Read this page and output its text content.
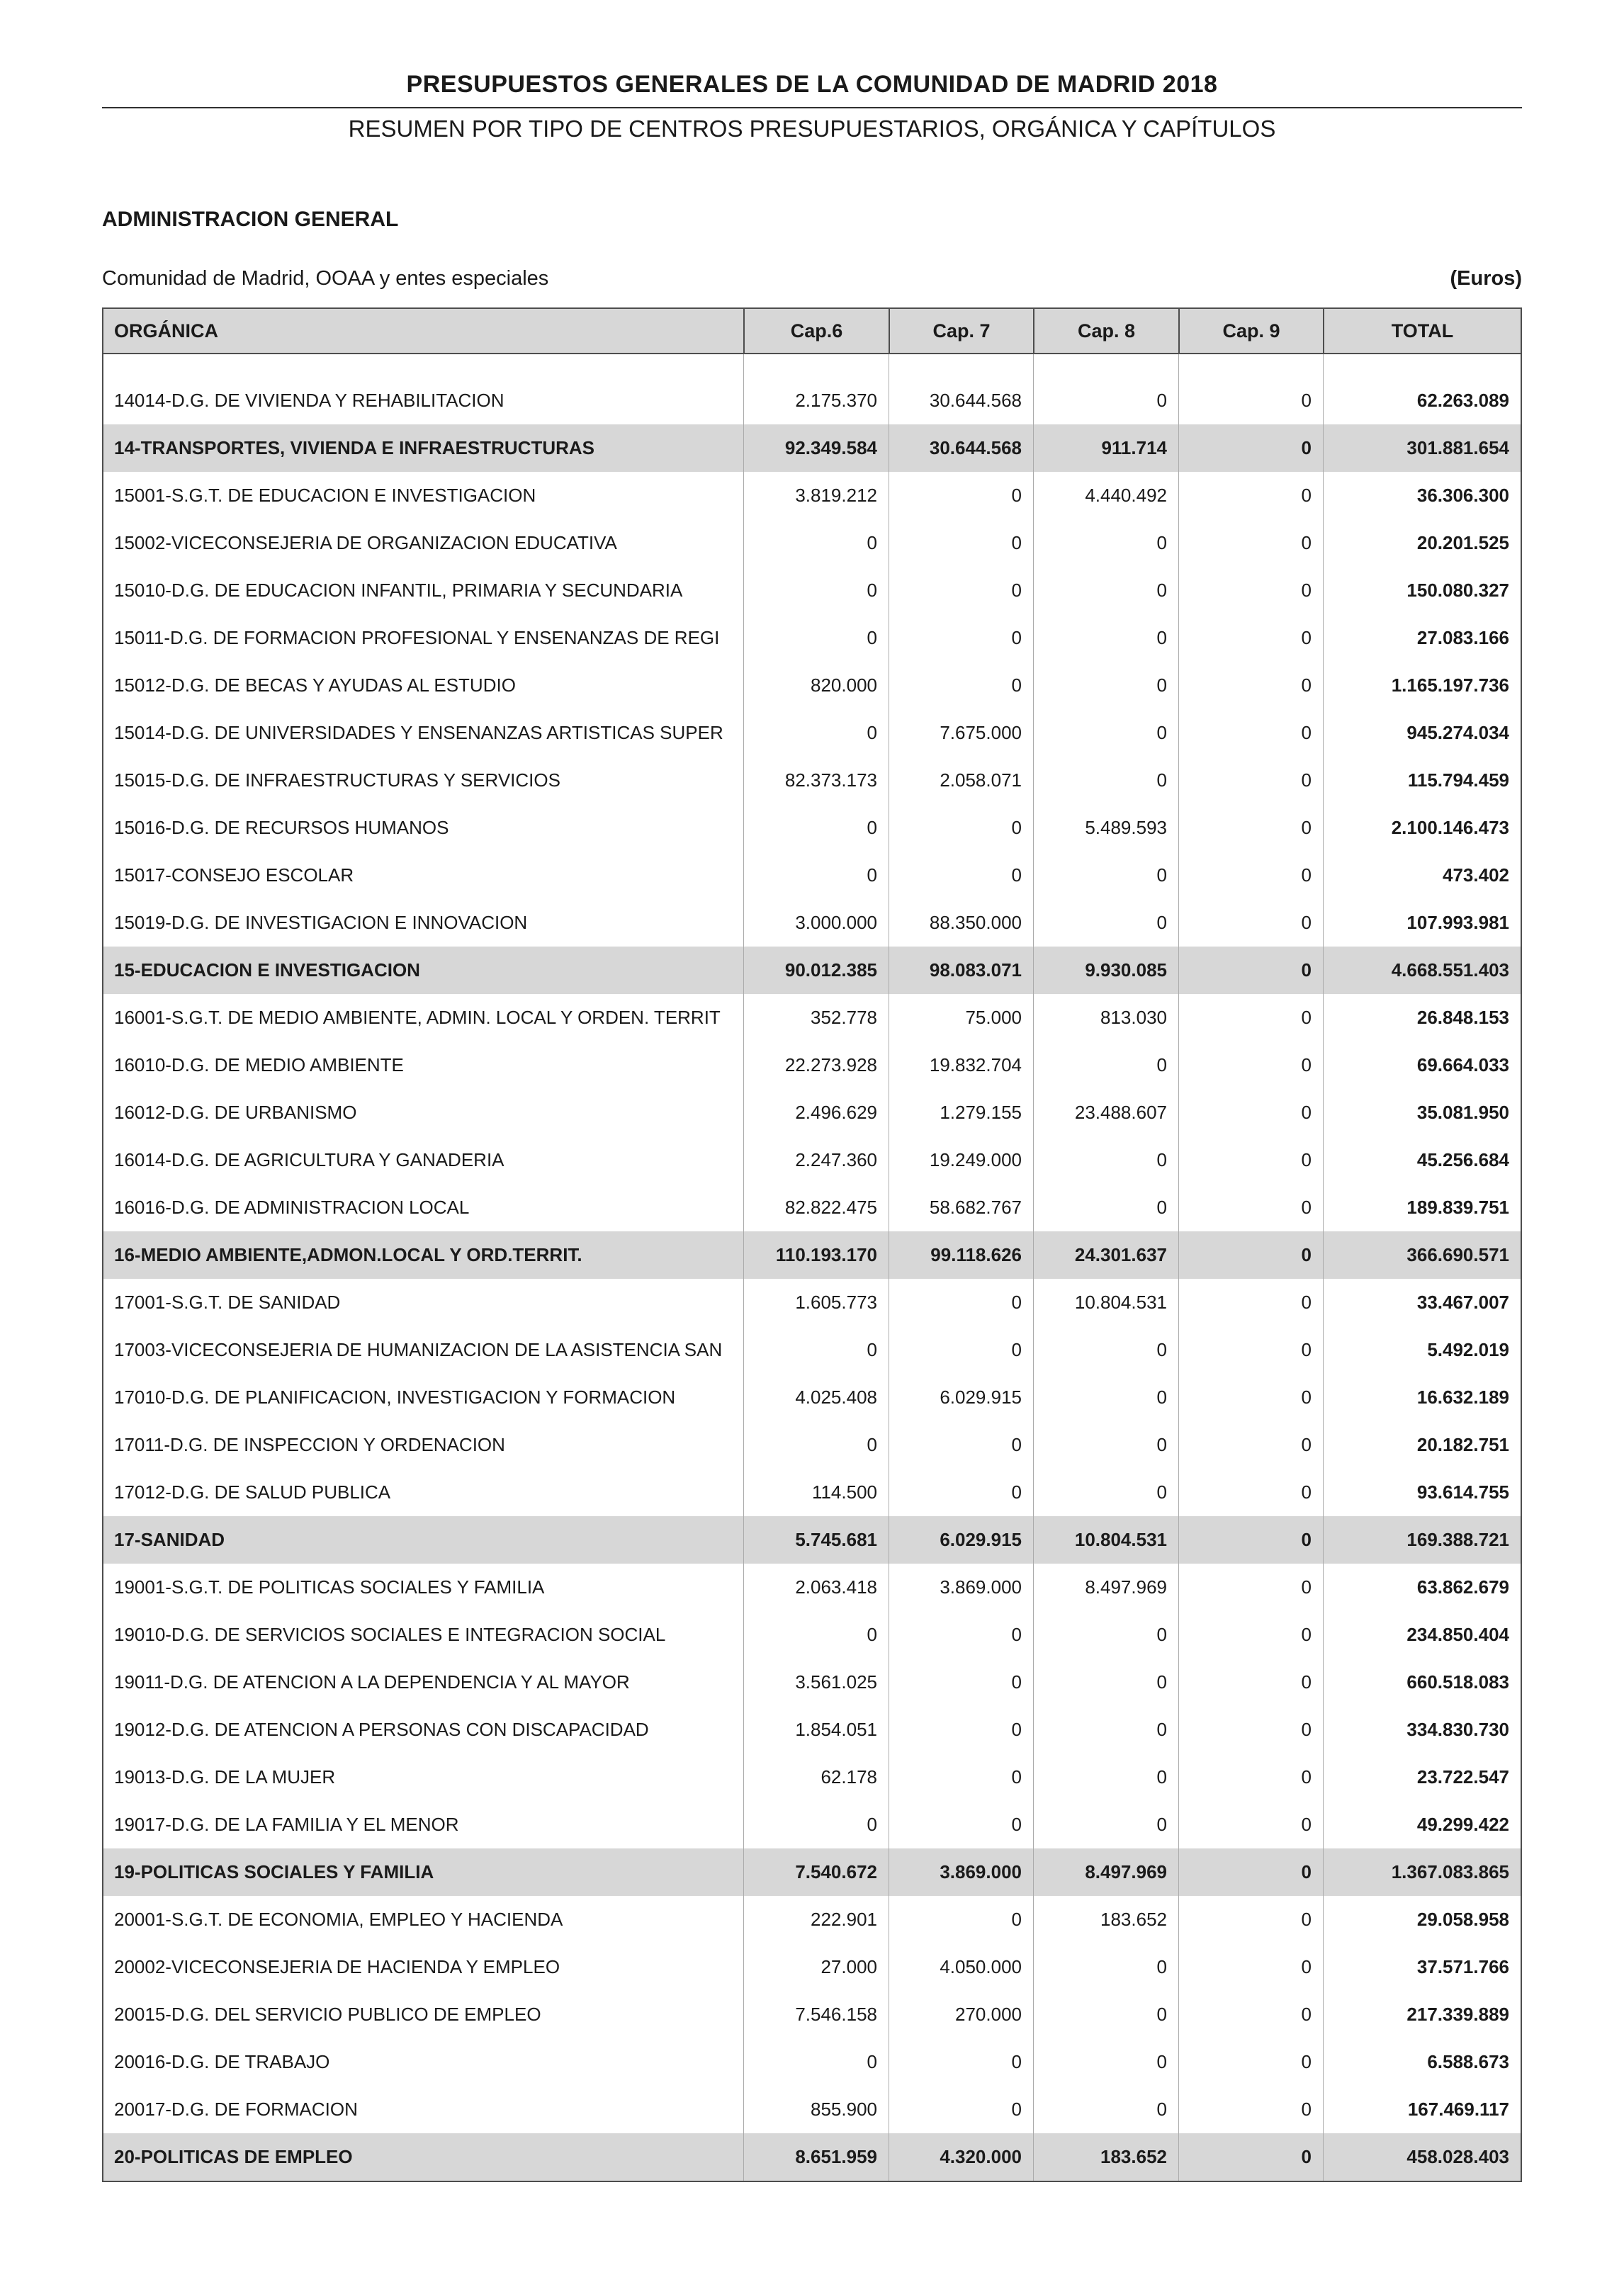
PRESUPUESTOS GENERALES DE LA COMUNIDAD DE MADRID 2018
RESUMEN POR TIPO DE CENTROS PRESUPUESTARIOS, ORGÁNICA Y CAPÍTULOS
ADMINISTRACION GENERAL
Comunidad de Madrid, OOAA y entes especiales	(Euros)
ORGÁNICA	Cap.6	Cap. 7	Cap. 8	Cap. 9	TOTAL
14014-D.G. DE VIVIENDA Y REHABILITACION	2.175.370	30.644.568	0	0	62.263.089
14-TRANSPORTES, VIVIENDA E INFRAESTRUCTURAS	92.349.584	30.644.568	911.714	0	301.881.654
15001-S.G.T. DE EDUCACION E INVESTIGACION	3.819.212	0	4.440.492	0	36.306.300
15002-VICECONSEJERIA DE ORGANIZACION EDUCATIVA	0	0	0	0	20.201.525
15010-D.G. DE EDUCACION INFANTIL, PRIMARIA Y SECUNDARIA	0	0	0	0	150.080.327
15011-D.G. DE FORMACION PROFESIONAL Y ENSENANZAS DE REGI	0	0	0	0	27.083.166
15012-D.G. DE BECAS Y AYUDAS AL ESTUDIO	820.000	0	0	0	1.165.197.736
15014-D.G. DE UNIVERSIDADES Y ENSENANZAS ARTISTICAS SUPER	0	7.675.000	0	0	945.274.034
15015-D.G. DE INFRAESTRUCTURAS Y SERVICIOS	82.373.173	2.058.071	0	0	115.794.459
15016-D.G. DE RECURSOS HUMANOS	0	0	5.489.593	0	2.100.146.473
15017-CONSEJO ESCOLAR	0	0	0	0	473.402
15019-D.G. DE INVESTIGACION E INNOVACION	3.000.000	88.350.000	0	0	107.993.981
15-EDUCACION E INVESTIGACION	90.012.385	98.083.071	9.930.085	0	4.668.551.403
16001-S.G.T. DE MEDIO AMBIENTE, ADMIN. LOCAL Y ORDEN. TERRIT	352.778	75.000	813.030	0	26.848.153
16010-D.G. DE MEDIO AMBIENTE	22.273.928	19.832.704	0	0	69.664.033
16012-D.G. DE URBANISMO	2.496.629	1.279.155	23.488.607	0	35.081.950
16014-D.G. DE AGRICULTURA Y GANADERIA	2.247.360	19.249.000	0	0	45.256.684
16016-D.G. DE ADMINISTRACION LOCAL	82.822.475	58.682.767	0	0	189.839.751
16-MEDIO AMBIENTE,ADMON.LOCAL Y ORD.TERRIT.	110.193.170	99.118.626	24.301.637	0	366.690.571
17001-S.G.T. DE SANIDAD	1.605.773	0	10.804.531	0	33.467.007
17003-VICECONSEJERIA DE HUMANIZACION DE LA ASISTENCIA SAN	0	0	0	0	5.492.019
17010-D.G. DE PLANIFICACION, INVESTIGACION Y FORMACION	4.025.408	6.029.915	0	0	16.632.189
17011-D.G. DE INSPECCION Y ORDENACION	0	0	0	0	20.182.751
17012-D.G. DE SALUD PUBLICA	114.500	0	0	0	93.614.755
17-SANIDAD	5.745.681	6.029.915	10.804.531	0	169.388.721
19001-S.G.T. DE POLITICAS SOCIALES Y FAMILIA	2.063.418	3.869.000	8.497.969	0	63.862.679
19010-D.G. DE SERVICIOS SOCIALES E INTEGRACION SOCIAL	0	0	0	0	234.850.404
19011-D.G. DE ATENCION A LA DEPENDENCIA Y AL MAYOR	3.561.025	0	0	0	660.518.083
19012-D.G. DE ATENCION A PERSONAS CON DISCAPACIDAD	1.854.051	0	0	0	334.830.730
19013-D.G. DE LA MUJER	62.178	0	0	0	23.722.547
19017-D.G. DE LA FAMILIA Y EL MENOR	0	0	0	0	49.299.422
19-POLITICAS SOCIALES Y FAMILIA	7.540.672	3.869.000	8.497.969	0	1.367.083.865
20001-S.G.T. DE ECONOMIA, EMPLEO Y HACIENDA	222.901	0	183.652	0	29.058.958
20002-VICECONSEJERIA DE HACIENDA Y EMPLEO	27.000	4.050.000	0	0	37.571.766
20015-D.G. DEL SERVICIO PUBLICO DE EMPLEO	7.546.158	270.000	0	0	217.339.889
20016-D.G. DE TRABAJO	0	0	0	0	6.588.673
20017-D.G. DE FORMACION	855.900	0	0	0	167.469.117
20-POLITICAS DE EMPLEO	8.651.959	4.320.000	183.652	0	458.028.403
